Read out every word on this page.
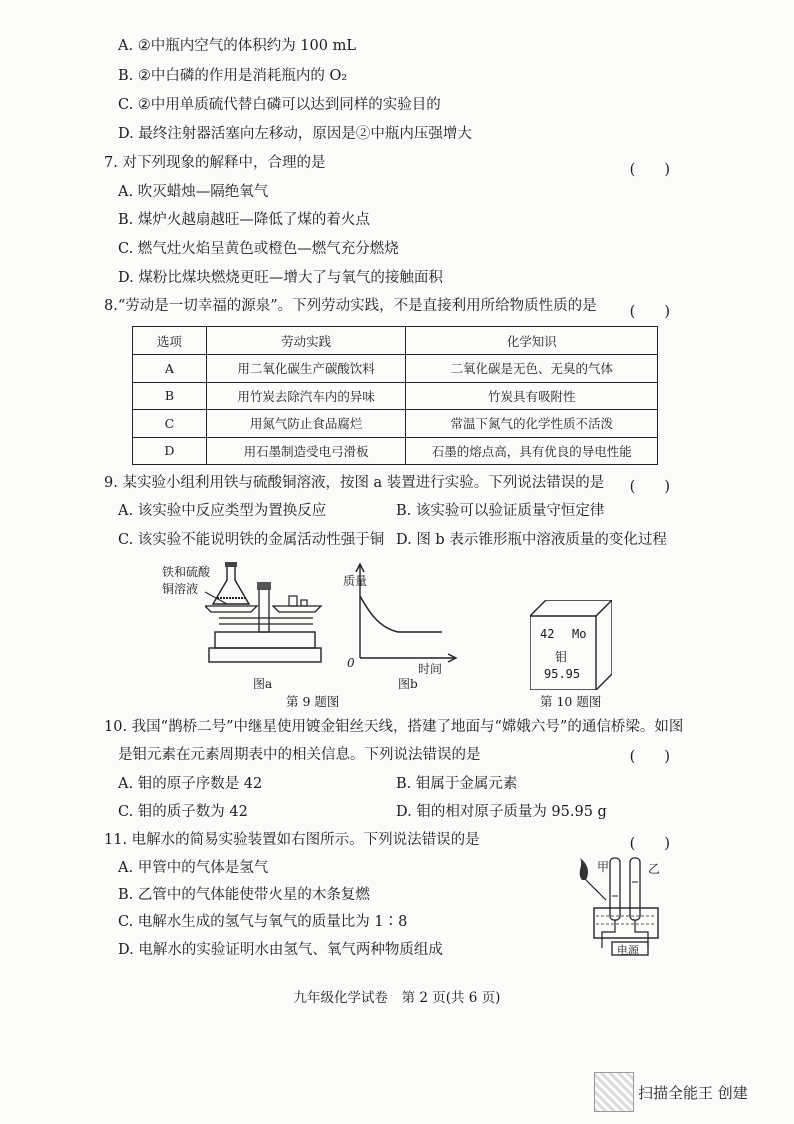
A. ②中瓶内空气的体积约为 100 mL
B. ②中白磷的作用是消耗瓶内的 O₂
C. ②中用单质硫代替白磷可以达到同样的实验目的
D. 最终注射器活塞向左移动，原因是②中瓶内压强增大
7. 对下列现象的解释中，合理的是	(　　)
A. 吹灭蜡烛—隔绝氧气
B. 煤炉火越扇越旺—降低了煤的着火点
C. 燃气灶火焰呈黄色或橙色—燃气充分燃烧
D. 煤粉比煤块燃烧更旺—增大了与氧气的接触面积
8.“劳动是一切幸福的源泉”。下列劳动实践，不是直接利用所给物质性质的是 (　　)
选项	劳动实践	化学知识
A	用二氧化碳生产碳酸饮料	二氧化碳是无色、无臭的气体
B	用竹炭去除汽车内的异味	竹炭具有吸附性
C	用氮气防止食品腐烂	常温下氮气的化学性质不活泼
D	用石墨制造受电弓滑板	石墨的熔点高，具有优良的导电性能
9. 某实验小组利用铁与硫酸铜溶液，按图 a 装置进行实验。下列说法错误的是 (　　)
A. 该实验中反应类型为置换反应	B. 该实验可以验证质量守恒定律
C. 该实验不能说明铁的金属活动性强于铜 D. 图 b 表示锥形瓶中溶液质量的变化过程
铁和硫酸
铜溶液
图a
质量
0	时间
图b
第 9 题图
42 Mo
钼
95.95
第 10 题图
10. 我国“鹊桥二号”中继星使用镀金钼丝天线，搭建了地面与“嫦娥六号”的通信桥梁。如图
是钼元素在元素周期表中的相关信息。下列说法错误的是	(　　)
A. 钼的原子序数是 42	B. 钼属于金属元素
C. 钼的质子数为 42	D. 钼的相对原子质量为 95.95 g
11. 电解水的简易实验装置如右图所示。下列说法错误的是	(　　)
A. 甲管中的气体是氢气
B. 乙管中的气体能使带火星的木条复燃
C. 电解水生成的氢气与氧气的质量比为 1∶8
D. 电解水的实验证明水由氢气、氧气两种物质组成
甲	乙
电源
九年级化学试卷　第 2 页(共 6 页)
扫描全能王 创建
